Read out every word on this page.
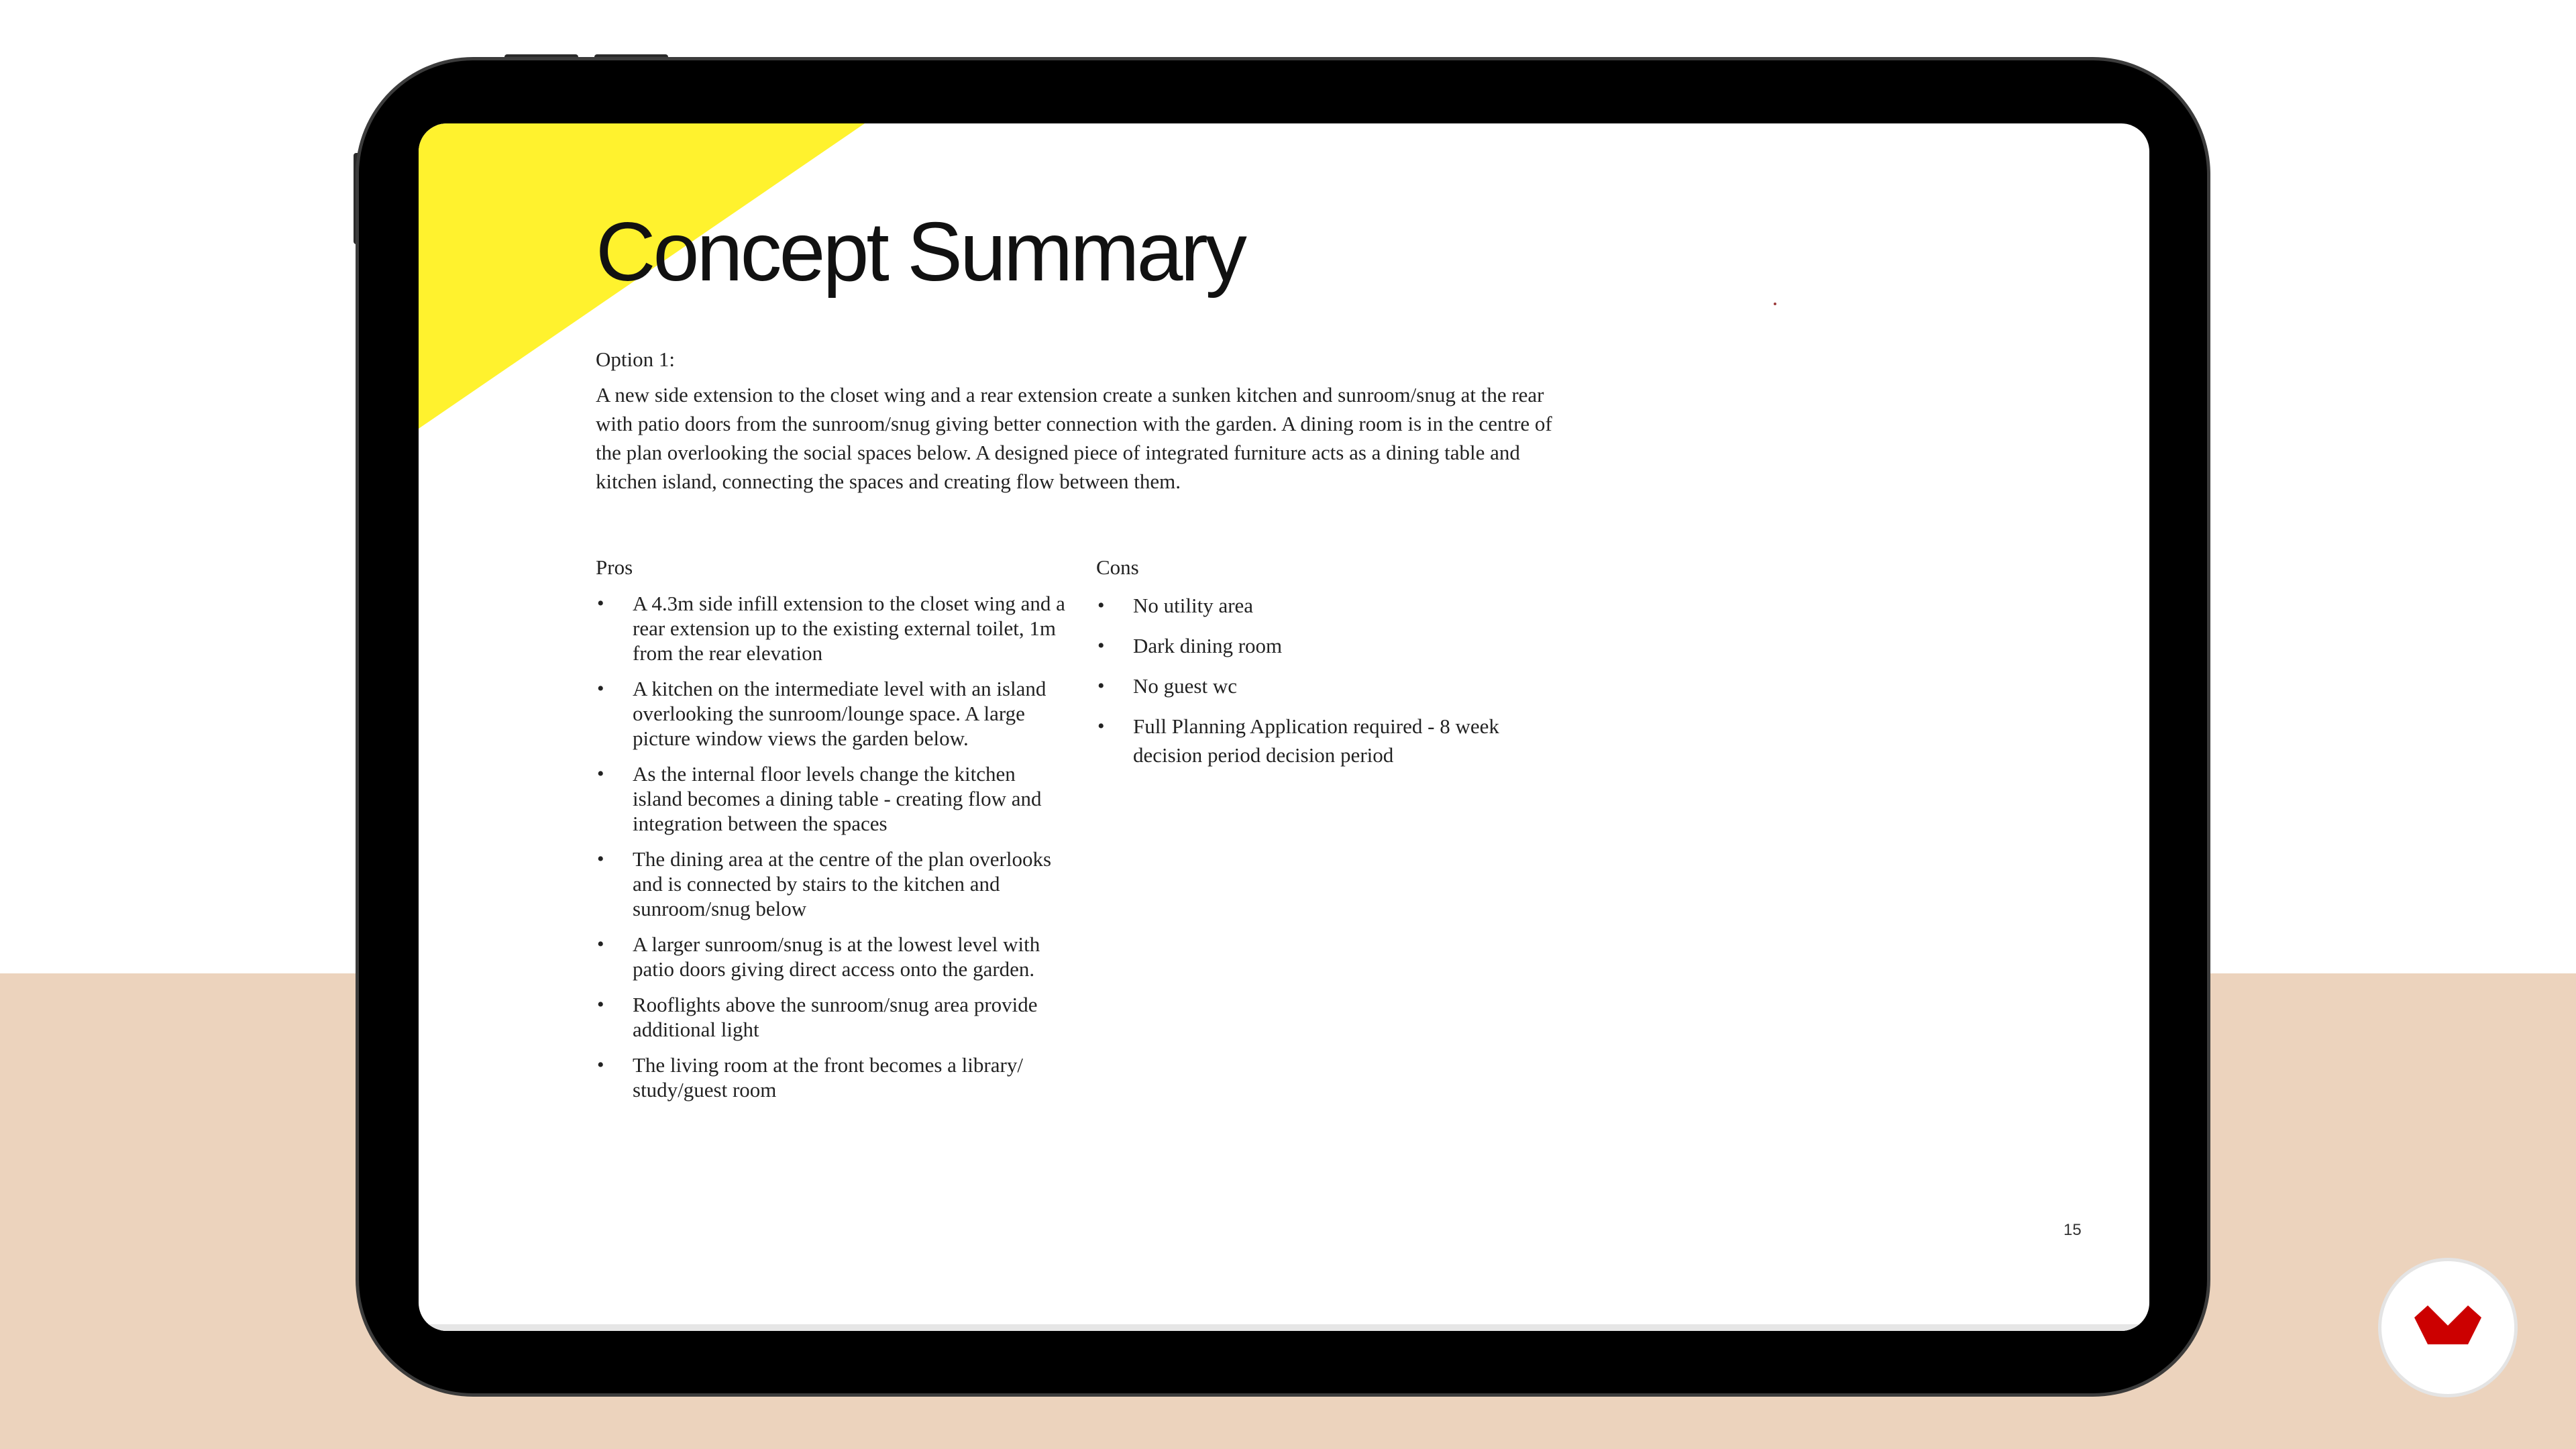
Concept Summary
Option 1:

A new side extension to the closet wing and a rear extension create a sunken kitchen and sunroom/snug at the rear with patio doors from the sunroom/snug giving better connection with the garden. A dining room is in the centre of the plan overlooking the social spaces below. A designed piece of integrated furniture acts as a dining table and kitchen island, connecting the spaces and creating flow between them.

Pros
• A 4.3m side infill extension to the closet wing and a rear extension up to the existing external toilet, 1m from the rear elevation
• A kitchen on the intermediate level with an island overlooking the sunroom/lounge space. A large picture window views the garden below.
• As the internal floor levels change the kitchen island becomes a dining table - creating flow and integration between the spaces
• The dining area at the centre of the plan overlooks and is connected by stairs to the kitchen and sunroom/snug below
• A larger sunroom/snug is at the lowest level with patio doors giving direct access onto the garden.
• Rooflights above the sunroom/snug area provide additional light
• The living room at the front becomes a library/ study/guest room
Cons
• No utility area
• Dark dining room
• No guest wc
• Full Planning Application required - 8 week decision period decision period
15
